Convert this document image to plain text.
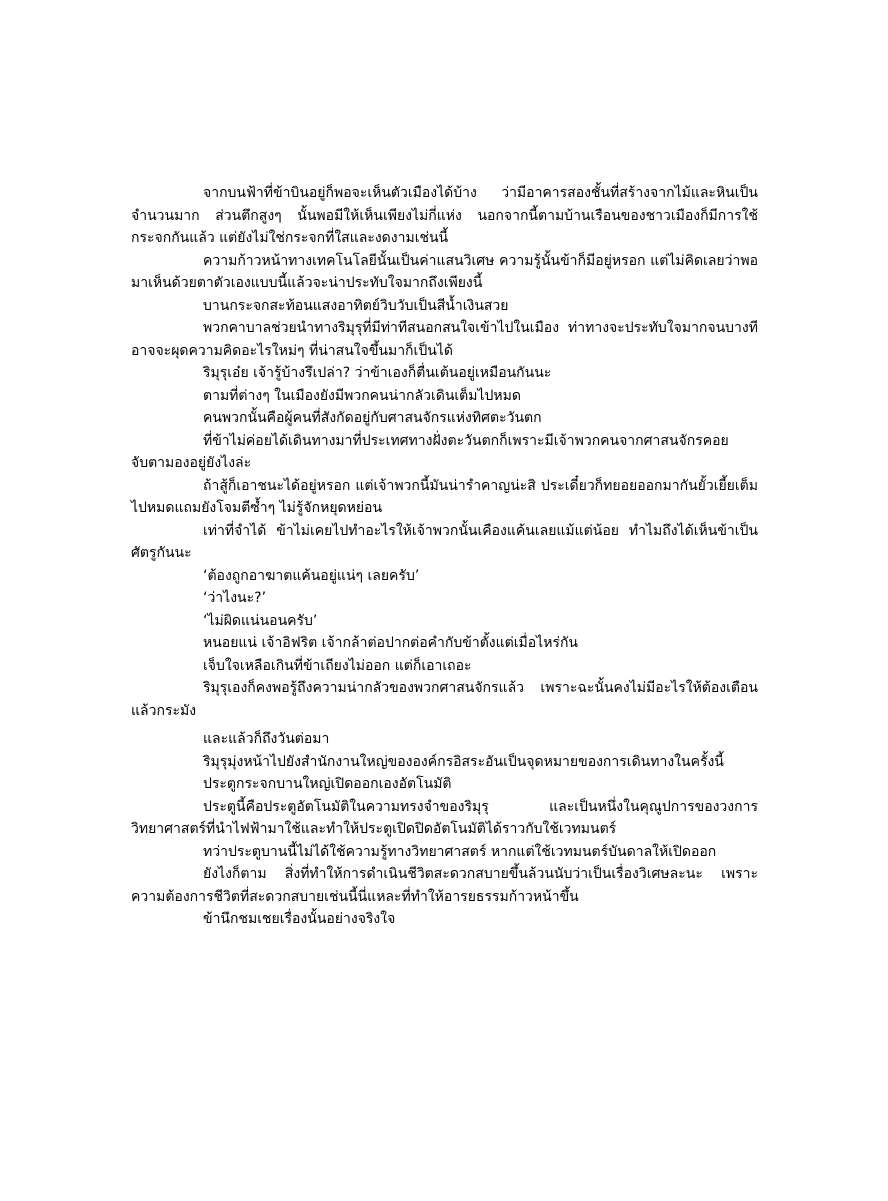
จากบนฟ้าที่ข้าบินอยู่ก็พอจะเห็นตัวเมืองได้บ้าง ว่ามีอาคารสองชั้นที่สร้างจากไม้และหินเป็นจำนวนมาก ส่วนตึกสูงๆ นั้นพอมีให้เห็นเพียงไม่กี่แห่ง นอกจากนี้ตามบ้านเรือนของชาวเมืองก็มีการใช้กระจกกันแล้ว แต่ยังไม่ใช่กระจกที่ใสและงดงามเช่นนี้

ความก้าวหน้าทางเทคโนโลยีนั้นเป็นค่าแสนวิเศษ ความรู้นั้นข้าก็มีอยู่หรอก แต่ไม่คิดเลยว่าพอมาเห็นด้วยตาตัวเองแบบนี้แล้วจะน่าประทับใจมากถึงเพียงนี้

บานกระจกสะท้อนแสงอาทิตย์วิบวับเป็นสีน้ำเงินสวย

พวกคาบาลช่วยนำทางริมุรุที่มีท่าทีสนอกสนใจเข้าไปในเมือง ท่าทางจะประทับใจมากจนบางทีอาจจะผุดความคิดอะไรใหม่ๆ ที่น่าสนใจขึ้นมาก็เป็นได้

ริมุรุเอ๋ย เจ้ารู้บ้างรึเปล่า? ว่าข้าเองก็ตื่นเต้นอยู่เหมือนกันนะ

ตามที่ต่างๆ ในเมืองยังมีพวกคนน่ากลัวเดินเต็มไปหมด

คนพวกนั้นคือผู้คนที่สังกัดอยู่กับศาสนจักรแห่งทิศตะวันตก

ที่ข้าไม่ค่อยได้เดินทางมาที่ประเทศทางฝั่งตะวันตกก็เพราะมีเจ้าพวกคนจากศาสนจักรคอยจับตามองอยู่ยังไงล่ะ

ถ้าสู้ก็เอาชนะได้อยู่หรอก แต่เจ้าพวกนี้มันน่ารำคาญน่ะสิ ประเดี๋ยวก็ทยอยออกมากันยั้วเยี้ยเต็มไปหมดแถมยังโจมตีซ้ำๆ ไม่รู้จักหยุดหย่อน

เท่าที่จำได้ ข้าไม่เคยไปทำอะไรให้เจ้าพวกนั้นเคืองแค้นเลยแม้แต่น้อย ทำไมถึงได้เห็นข้าเป็นศัตรูกันนะ

‘ต้องถูกอาฆาตแค้นอยู่แน่ๆ เลยครับ’

‘ว่าไงนะ?’

‘ไม่ผิดแน่นอนครับ’

หนอยแน่ เจ้าอิฟริต เจ้ากล้าต่อปากต่อคำกับข้าตั้งแต่เมื่อไหร่กัน

เจ็บใจเหลือเกินที่ข้าเถียงไม่ออก แต่ก็เอาเถอะ

ริมุรุเองก็คงพอรู้ถึงความน่ากลัวของพวกศาสนจักรแล้ว เพราะฉะนั้นคงไม่มีอะไรให้ต้องเตือนแล้วกระมัง

และแล้วก็ถึงวันต่อมา

ริมุรุมุ่งหน้าไปยังสำนักงานใหญ่ขององค์กรอิสระอันเป็นจุดหมายของการเดินทางในครั้งนี้

ประตูกระจกบานใหญ่เปิดออกเองอัตโนมัติ

ประตูนี้คือประตูอัตโนมัติในความทรงจำของริมุรุ และเป็นหนึ่งในคุณูปการของวงการวิทยาศาสตร์ที่นำไฟฟ้ามาใช้และทำให้ประตูเปิดปิดอัตโนมัติได้ราวกับใช้เวทมนตร์

ทว่าประตูบานนี้ไม่ได้ใช้ความรู้ทางวิทยาศาสตร์ หากแต่ใช้เวทมนตร์บันดาลให้เปิดออก

ยังไงก็ตาม สิ่งที่ทำให้การดำเนินชีวิตสะดวกสบายขึ้นล้วนนับว่าเป็นเรื่องวิเศษละนะ เพราะความต้องการชีวิตที่สะดวกสบายเช่นนี้นี่แหละที่ทำให้อารยธรรมก้าวหน้าขึ้น

ข้านึกชมเชยเรื่องนั้นอย่างจริงใจ
